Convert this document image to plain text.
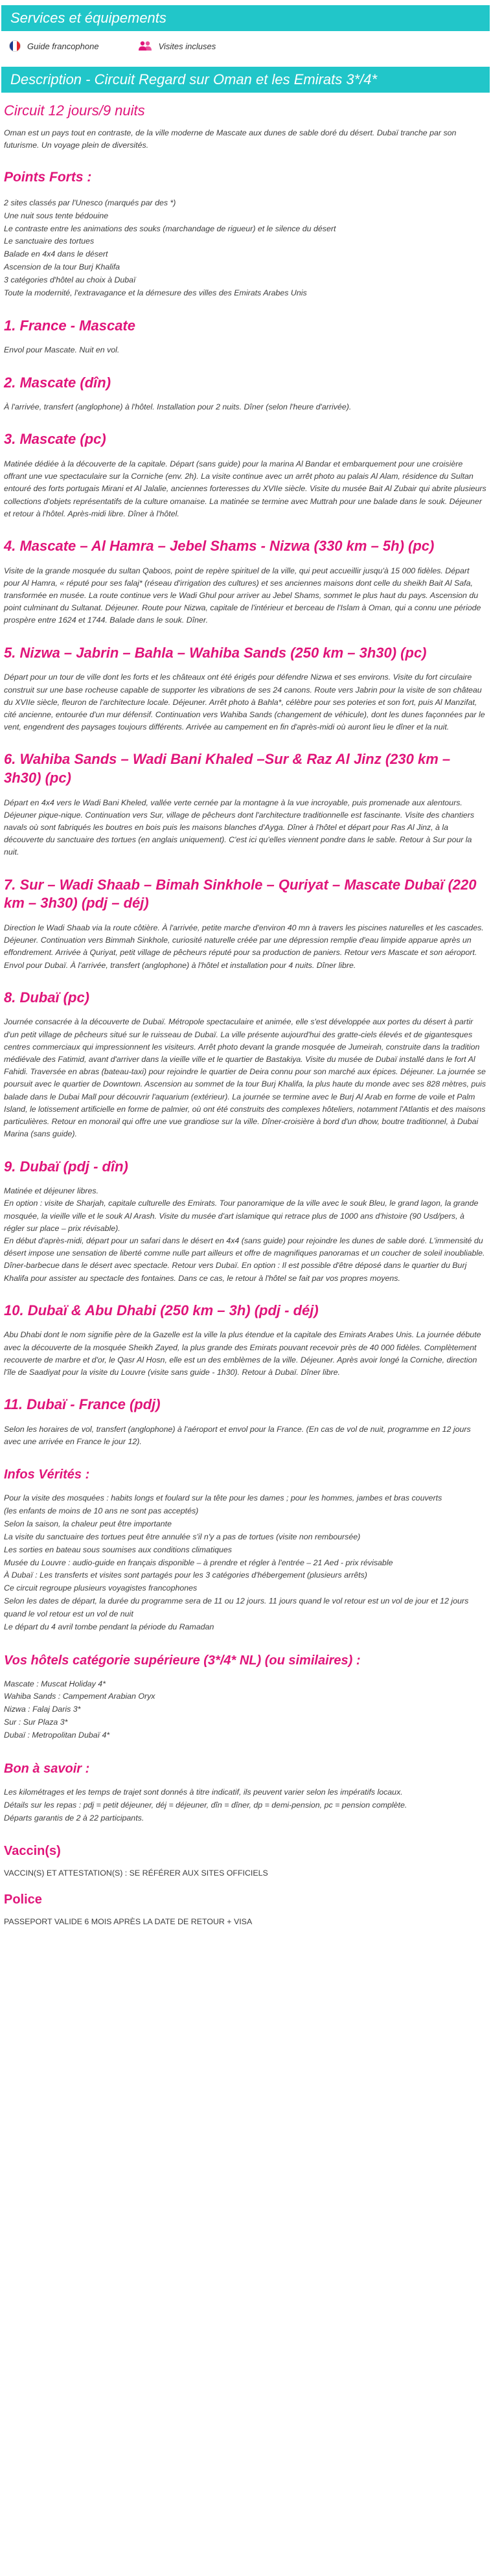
Services et équipements
Guide francophone	Visites incluses
Description - Circuit Regard sur Oman et les Emirats 3*/4*
Circuit 12 jours/9 nuits

Oman est un pays tout en contraste, de la ville moderne de Mascate aux dunes de sable doré du désert. Dubaï tranche par son futurisme. Un voyage plein de diversités.

Points Forts :
2 sites classés par l'Unesco (marqués par des *)
Une nuit sous tente bédouine
Le contraste entre les animations des souks (marchandage de rigueur) et le silence du désert
Le sanctuaire des tortues
Balade en 4x4 dans le désert
Ascension de la tour Burj Khalifa
3 catégories d'hôtel au choix à Dubaï
Toute la modernité, l'extravagance et la démesure des villes des Emirats Arabes Unis
1. France - Mascate

Envol pour Mascate. Nuit en vol.

2. Mascate (dîn)

À l'arrivée, transfert (anglophone) à l'hôtel. Installation pour 2 nuits. Dîner (selon l'heure d'arrivée).

3. Mascate (pc)

Matinée dédiée à la découverte de la capitale. Départ (sans guide) pour la marina Al Bandar et embarquement pour une croisière offrant une vue spectaculaire sur la Corniche (env. 2h). La visite continue avec un arrêt photo au palais Al Alam, résidence du Sultan entouré des forts portugais Mirani et Al Jalalie, anciennes forteresses du XVIIe siècle. Visite du musée Bait Al Zubair qui abrite plusieurs collections d'objets représentatifs de la culture omanaise. La matinée se termine avec Muttrah pour une balade dans le souk. Déjeuner et retour à l'hôtel. Après-midi libre. Dîner à l'hôtel.

4. Mascate – Al Hamra – Jebel Shams - Nizwa (330 km – 5h) (pc)

Visite de la grande mosquée du sultan Qaboos, point de repère spirituel de la ville, qui peut accueillir jusqu'à 15 000 fidèles. Départ pour Al Hamra, « réputé pour ses falaj* (réseau d'irrigation des cultures) et ses anciennes maisons dont celle du sheikh Bait Al Safa, transformée en musée. La route continue vers le Wadi Ghul pour arriver au Jebel Shams, sommet le plus haut du pays. Ascension du point culminant du Sultanat. Déjeuner. Route pour Nizwa, capitale de l'intérieur et berceau de l'Islam à Oman, qui a connu une période prospère entre 1624 et 1744. Balade dans le souk. Dîner.

5. Nizwa – Jabrin – Bahla – Wahiba Sands (250 km – 3h30) (pc)

Départ pour un tour de ville dont les forts et les châteaux ont été érigés pour défendre Nizwa et ses environs. Visite du fort circulaire construit sur une base rocheuse capable de supporter les vibrations de ses 24 canons. Route vers Jabrin pour la visite de son château du XVIIe siècle, fleuron de l'architecture locale. Déjeuner. Arrêt photo à Bahla*, célèbre pour ses poteries et son fort, puis Al Manzifat, cité ancienne, entourée d'un mur défensif. Continuation vers Wahiba Sands (changement de véhicule), dont les dunes façonnées par le vent, engendrent des paysages toujours différents. Arrivée au campement en fin d'après-midi où auront lieu le dîner et la nuit.

6. Wahiba Sands – Wadi Bani Khaled –Sur & Raz Al Jinz (230 km – 3h30) (pc)

Départ en 4x4 vers le Wadi Bani Kheled, vallée verte cernée par la montagne à la vue incroyable, puis promenade aux alentours. Déjeuner pique-nique. Continuation vers Sur, village de pêcheurs dont l'architecture traditionnelle est fascinante. Visite des chantiers navals où sont fabriqués les boutres en bois puis les maisons blanches d'Ayga. Dîner à l'hôtel et départ pour Ras Al Jinz, à la découverte du sanctuaire des tortues (en anglais uniquement). C'est ici qu'elles viennent pondre dans le sable. Retour à Sur pour la nuit.

7. Sur – Wadi Shaab – Bimah Sinkhole – Quriyat – Mascate Dubaï (220 km – 3h30) (pdj – déj)

Direction le Wadi Shaab via la route côtière. À l'arrivée, petite marche d'environ 40 mn à travers les piscines naturelles et les cascades. Déjeuner. Continuation vers Bimmah Sinkhole, curiosité naturelle créée par une dépression remplie d'eau limpide apparue après un effondrement. Arrivée à Quriyat, petit village de pêcheurs réputé pour sa production de paniers. Retour vers Mascate et son aéroport. Envol pour Dubaï. À l'arrivée, transfert (anglophone) à l'hôtel et installation pour 4 nuits. Dîner libre.

8. Dubaï (pc)

Journée consacrée à la découverte de Dubaï. Métropole spectaculaire et animée, elle s'est développée aux portes du désert à partir d'un petit village de pêcheurs situé sur le ruisseau de Dubaï. La ville présente aujourd'hui des gratte-ciels élevés et de gigantesques centres commerciaux qui impressionnent les visiteurs. Arrêt photo devant la grande mosquée de Jumeirah, construite dans la tradition médiévale des Fatimid, avant d'arriver dans la vieille ville et le quartier de Bastakiya. Visite du musée de Dubaï installé dans le fort Al Fahidi. Traversée en abras (bateau-taxi) pour rejoindre le quartier de Deira connu pour son marché aux épices. Déjeuner. La journée se poursuit avec le quartier de Downtown. Ascension au sommet de la tour Burj Khalifa, la plus haute du monde avec ses 828 mètres, puis balade dans le Dubai Mall pour découvrir l'aquarium (extérieur). La journée se termine avec le Burj Al Arab en forme de voile et Palm Island, le lotissement artificielle en forme de palmier, où ont été construits des complexes hôteliers, notamment l'Atlantis et des maisons particulières. Retour en monorail qui offre une vue grandiose sur la ville. Dîner-croisière à bord d'un dhow, boutre traditionnel, à Dubai Marina (sans guide).

9. Dubaï (pdj - dîn)

Matinée et déjeuner libres.
En option : visite de Sharjah, capitale culturelle des Emirats. Tour panoramique de la ville avec le souk Bleu, le grand lagon, la grande mosquée, la vieille ville et le souk Al Arash. Visite du musée d'art islamique qui retrace plus de 1000 ans d'histoire (90 Usd/pers, à régler sur place – prix révisable).
En début d'après-midi, départ pour un safari dans le désert en 4x4 (sans guide) pour rejoindre les dunes de sable doré. L'immensité du désert impose une sensation de liberté comme nulle part ailleurs et offre de magnifiques panoramas et un coucher de soleil inoubliable. Dîner-barbecue dans le désert avec spectacle. Retour vers Dubaï. En option : Il est possible d'être déposé dans le quartier du Burj Khalifa pour assister au spectacle des fontaines. Dans ce cas, le retour à l'hôtel se fait par vos propres moyens.

10. Dubaï & Abu Dhabi (250 km – 3h) (pdj - déj)

Abu Dhabi dont le nom signifie père de la Gazelle est la ville la plus étendue et la capitale des Emirats Arabes Unis. La journée débute avec la découverte de la mosquée Sheikh Zayed, la plus grande des Emirats pouvant recevoir près de 40 000 fidèles. Complètement recouverte de marbre et d'or, le Qasr Al Hosn, elle est un des emblèmes de la ville. Déjeuner. Après avoir longé la Corniche, direction l'île de Saadiyat pour la visite du Louvre (visite sans guide - 1h30). Retour à Dubaï. Dîner libre.

11. Dubaï - France (pdj)

Selon les horaires de vol, transfert (anglophone) à l'aéroport et envol pour la France. (En cas de vol de nuit, programme en 12 jours avec une arrivée en France le jour 12).

Infos Vérités :
Pour la visite des mosquées : habits longs et foulard sur la tête pour les dames ; pour les hommes, jambes et bras couverts
(les enfants de moins de 10 ans ne sont pas acceptés)
Selon la saison, la chaleur peut être importante
La visite du sanctuaire des tortues peut être annulée s'il n'y a pas de tortues (visite non remboursée)
Les sorties en bateau sous soumises aux conditions climatiques
Musée du Louvre : audio-guide en français disponible – à prendre et régler à l'entrée – 21 Aed - prix révisable
À Dubaï : Les transferts et visites sont partagés pour les 3 catégories d'hébergement (plusieurs arrêts)
Ce circuit regroupe plusieurs voyagistes francophones
Selon les dates de départ, la durée du programme sera de 11 ou 12 jours. 11 jours quand le vol retour est un vol de jour et 12 jours quand le vol retour est un vol de nuit
Le départ du 4 avril tombe pendant la période du Ramadan
Vos hôtels catégorie supérieure (3*/4* NL) (ou similaires) :
Mascate : Muscat Holiday 4*
Wahiba Sands : Campement Arabian Oryx
Nizwa : Falaj Daris 3*
Sur : Sur Plaza 3*
Dubaï : Metropolitan Dubaï 4*
Bon à savoir :
Les kilométrages et les temps de trajet sont donnés à titre indicatif, ils peuvent varier selon les impératifs locaux.
Détails sur les repas : pdj = petit déjeuner, déj = déjeuner, dîn = dîner, dp = demi-pension, pc = pension complète.
Départs garantis de 2 à 22 participants.
Vaccin(s)

VACCIN(S) ET ATTESTATION(S) : SE RÉFÉRER AUX SITES OFFICIELS

Police

PASSEPORT VALIDE 6 MOIS APRÈS LA DATE DE RETOUR + VISA
